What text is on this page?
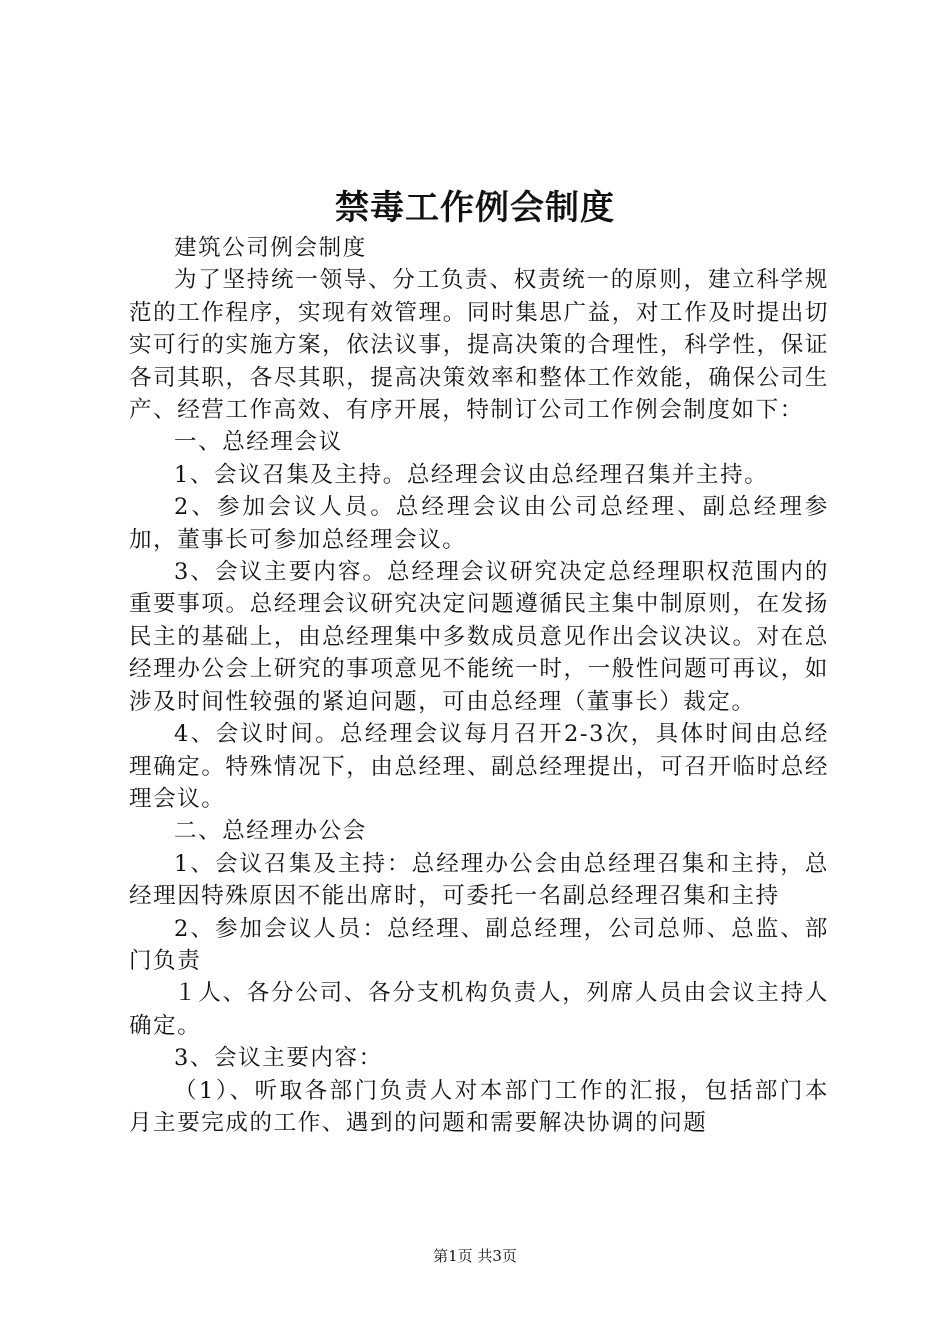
禁毒工作例会制度

建筑公司例会制度

为了坚持统一领导、分工负责、权责统一的原则，建立科学规范的工作程序，实现有效管理。同时集思广益，对工作及时提出切实可行的实施方案，依法议事，提高决策的合理性，科学性，保证各司其职，各尽其职，提高决策效率和整体工作效能，确保公司生产、经营工作高效、有序开展，特制订公司工作例会制度如下：

一、总经理会议

1、会议召集及主持。总经理会议由总经理召集并主持。

2、参加会议人员。总经理会议由公司总经理、副总经理参加，董事长可参加总经理会议。

3、会议主要内容。总经理会议研究决定总经理职权范围内的重要事项。总经理会议研究决定问题遵循民主集中制原则，在发扬民主的基础上，由总经理集中多数成员意见作出会议决议。对在总经理办公会上研究的事项意见不能统一时，一般性问题可再议，如涉及时间性较强的紧迫问题，可由总经理（董事长）裁定。

4、会议时间。总经理会议每月召开2-3次，具体时间由总经理确定。特殊情况下，由总经理、副总经理提出，可召开临时总经理会议。

二、总经理办公会

1、会议召集及主持：总经理办公会由总经理召集和主持，总经理因特殊原因不能出席时，可委托一名副总经理召集和主持

2、参加会议人员：总经理、副总经理，公司总师、总监、部门负责

１人、各分公司、各分支机构负责人，列席人员由会议主持人确定。

3、会议主要内容：

（1）、听取各部门负责人对本部门工作的汇报，包括部门本月主要完成的工作、遇到的问题和需要解决协调的问题

第1页 共3页
